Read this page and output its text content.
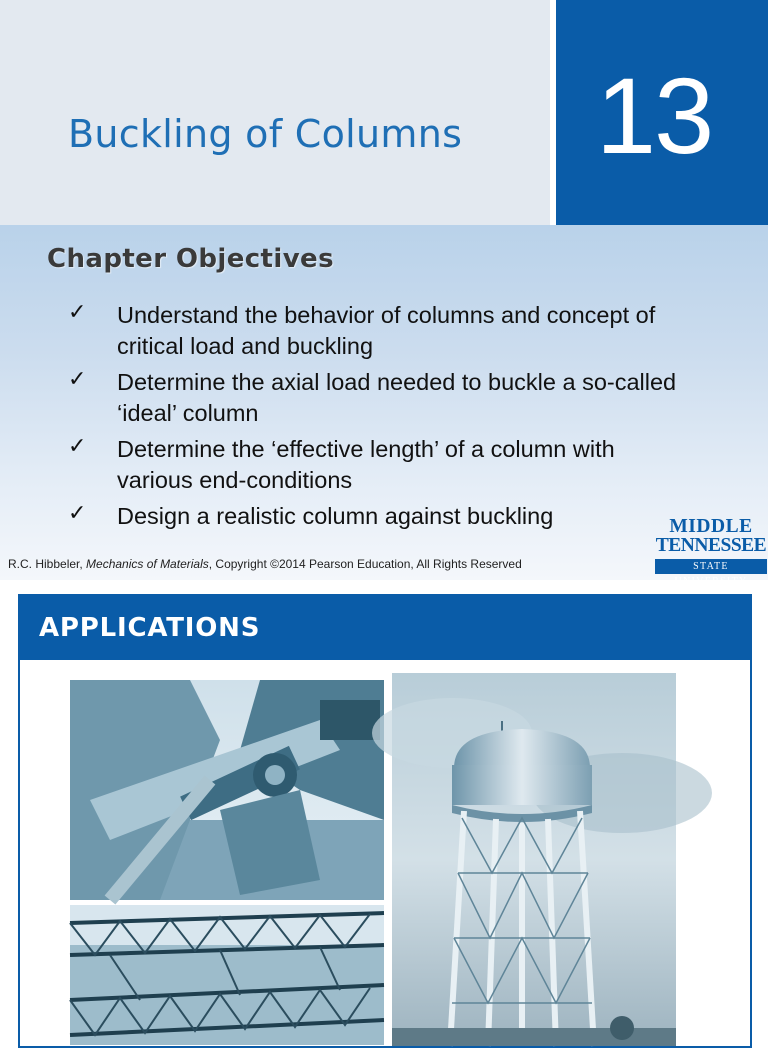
Buckling of Columns 13
Chapter Objectives
✓ Understand the behavior of columns and concept of
critical load and buckling
✓ Determine the axial load needed to buckle a so-called
‘ideal’ column
✓ Determine the ‘effective length’ of a column with
various end-conditions
✓ Design a realistic column against buckling
R.C. Hibbeler, Mechanics of Materials, Copyright ©2014 Pearson Education, All Rights Reserved
MIDDLE
TENNESSEE
STATE
APPLICATIONS
